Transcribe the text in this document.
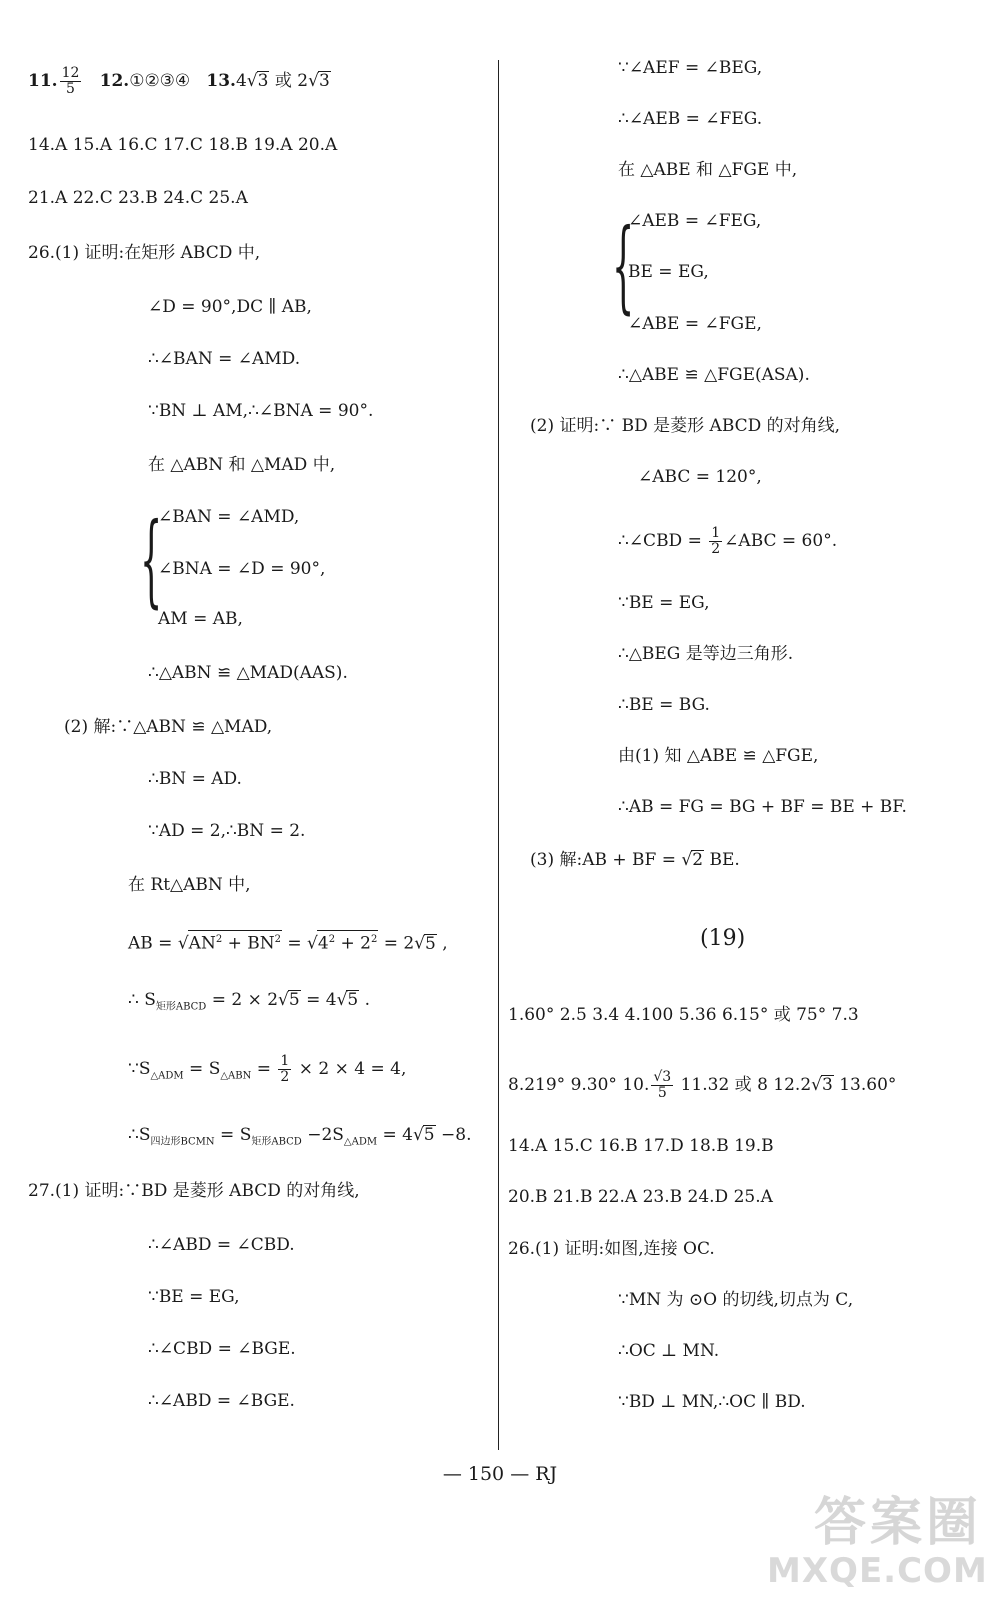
11. $\frac{12}{5}$ 12.①②③④   13.4√3 或 2√3
14.A 15.A 16.C 17.C 18.B 19.A 20.A
21.A 22.C 23.B 24.C 25.A
26.(1) 证明:在矩形 ABCD 中,
∠D = 90°,DC ∥ AB,
∴∠BAN = ∠AMD.
∵BN ⊥ AM,∴∠BNA = 90°.
在 △ABN 和 △MAD 中,
{
∠BAN = ∠AMD,
∠BNA = ∠D = 90°,
AM = AB,
∴△ABN ≌ △MAD(AAS).
(2) 解:∵△ABN ≌ △MAD,
∴BN = AD.
∵AD = 2,∴BN = 2.
在 Rt△ABN 中,
AB = $√AN^2 + BN^2 = √4^2 + 2^2 = 2√5$ ,
∴ $S_{矩形ABCD} = 2 \times 2√5 = 4√5$ .
$\because S_{\triangle ADM} = S_{\triangle ABN} = \frac{1}{2} \times 2 \times 4 = 4$,
$\therefore S_{四边形BCMN} = S_{矩形ABCD} -2S_{\triangle ADM} = 4√5 -8$.
27.(1) 证明:∵BD 是菱形 ABCD 的对角线,
∴∠ABD = ∠CBD.
∵BE = EG,
∴∠CBD = ∠BGE.
∴∠ABD = ∠BGE.
∵∠AEF = ∠BEG,
∴∠AEB = ∠FEG.
在 △ABE 和 △FGE 中,
{
∠AEB = ∠FEG,
BE = EG,
∠ABE = ∠FGE,
∴△ABE ≌ △FGE(ASA).
(2) 证明:∵ BD 是菱形 ABCD 的对角线,
∠ABC = 120°,
∴∠CBD = $\frac{1}{2}$ ∠ABC = 60°.
∵BE = EG,
∴△BEG 是等边三角形.
∴BE = BG.
由(1) 知 △ABE ≌ △FGE,
∴AB = FG = BG + BF = BE + BF.
(3) 解:AB + BF = √2 BE.
(19)
1.60° 2.5 3.4 4.100 5.36 6.15° 或 75° 7.3
8.219° 9.30° 10. $\frac{√3}{5} 11.32$ 或 8 12.2√3 13.60°
14.A 15.C 16.B 17.D 18.B 19.B
20.B 21.B 22.A 23.B 24.D 25.A
26.(1) 证明:如图,连接 OC.
∵MN 为 ⊙O 的切线,切点为 C,
∴OC ⊥ MN.
∵BD ⊥ MN,∴OC ∥ BD.
— 150 — RJ
答案圈
MXQE.COM
